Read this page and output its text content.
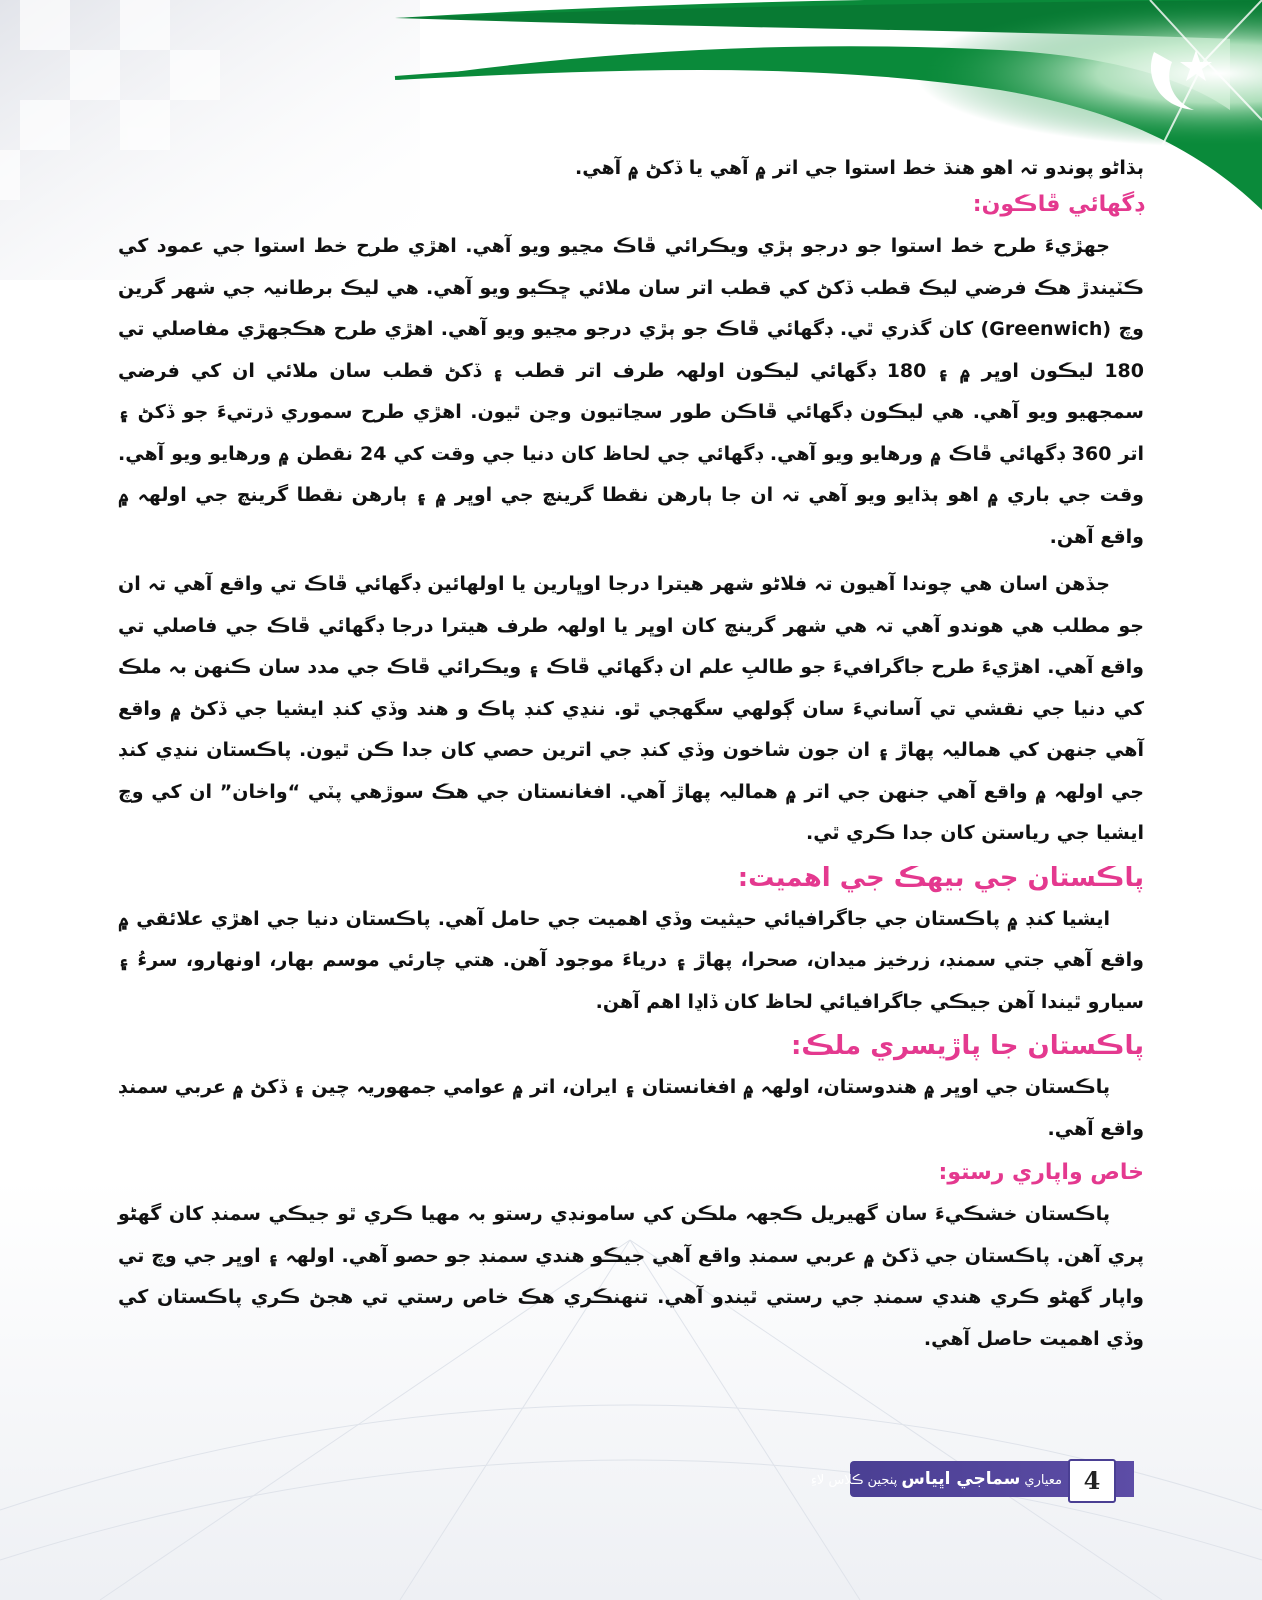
ٻڌاڻو پوندو تہ اهو هنڌ خط استوا جي اتر ۾ آهي يا ڏکڻ ۾ آهي.

ڊگهائي ڦاڪون:

جهڙيءَ طرح خط استوا جو درجو ٻڙي ويڪرائي ڦاڪ مڃيو ويو آهي. اهڙي طرح خط استوا جي عمود کي ڪٽيندڙ هڪ فرضي ليڪ قطب ڏکڻ کي قطب اتر سان ملائي ڇڪيو ويو آهي. هي ليڪ برطانيہ جي شهر گرين وچ (Greenwich) کان گذري ٿي. ڊگهائي ڦاڪ جو ٻڙي درجو مڃيو ويو آهي. اهڙي طرح هڪجهڙي مفاصلي تي 180 ليڪون اوڀر ۾ ۽ 180 ڊگهائي ليڪون اولهہ طرف اتر قطب ۽ ڏکڻ قطب سان ملائي ان کي فرضي سمجهيو ويو آهي. هي ليڪون ڊگهائي ڦاڪن طور سڃاتيون وڃن ٿيون. اهڙي طرح سموري ڌرتيءَ جو ڏکڻ ۽ اتر 360 ڊگهائي ڦاڪ ۾ ورهايو ويو آهي. ڊگهائي جي لحاظ کان دنيا جي وقت کي 24 نقطن ۾ ورهايو ويو آهي. وقت جي باري ۾ اهو ٻڌايو ويو آهي تہ ان جا ٻارهن نقطا گرينچ جي اوڀر ۾ ۽ ٻارهن نقطا گرينچ جي اولهہ ۾ واقع آهن.

جڏهن اسان هي چوندا آهيون تہ فلاڻو شهر هيترا درجا اوڀارين يا اولهائين ڊگهائي ڦاڪ تي واقع آهي تہ ان جو مطلب هي هوندو آهي تہ هي شهر گرينچ کان اوڀر يا اولهہ طرف هيترا درجا ڊگهائي ڦاڪ جي فاصلي تي واقع آهي. اهڙيءَ طرح جاگرافيءَ جو طالبِ علم ان ڊگهائي ڦاڪ ۽ ويڪرائي ڦاڪ جي مدد سان ڪنهن بہ ملڪ کي دنيا جي نقشي تي آسانيءَ سان ڳولهي سگهجي ٿو. ننڍي کنڊ پاڪ و هند وڏي کنڊ ايشيا جي ڏکڻ ۾ واقع آهي جنهن کي هماليہ پهاڙ ۽ ان جون شاخون وڏي کنڊ جي اترين حصي کان جدا ڪن ٿيون. پاڪستان ننڍي کنڊ جي اولهہ ۾ واقع آهي جنهن جي اتر ۾ هماليہ پهاڙ آهي. افغانستان جي هڪ سوڙهي پٽي “واخان” ان کي وچ ايشيا جي رياستن کان جدا ڪري ٿي.

پاڪستان جي بيهڪ جي اهميت:

ايشيا کنڊ ۾ پاڪستان جي جاگرافيائي حيثيت وڏي اهميت جي حامل آهي. پاڪستان دنيا جي اهڙي علائقي ۾ واقع آهي جتي سمنڊ، زرخيز ميدان، صحرا، پهاڙ ۽ درياءَ موجود آهن. هتي چارئي موسم بهار، اونهارو، سرءُ ۽ سيارو ٿيندا آهن جيڪي جاگرافيائي لحاظ کان ڏاڍا اهم آهن.

پاڪستان جا پاڙيسري ملڪ:

پاڪستان جي اوڀر ۾ هندوستان، اولهہ ۾ افغانستان ۽ ايران، اتر ۾ عوامي جمهوريہ چين ۽ ڏکڻ ۾ عربي سمنڊ واقع آهي.

خاص واپاري رستو:

پاڪستان خشڪيءَ سان گهيريل ڪجهہ ملڪن کي سامونڊي رستو بہ مهيا ڪري ٿو جيڪي سمنڊ کان گهڻو پري آهن. پاڪستان جي ڏکڻ ۾ عربي سمنڊ واقع آهي جيڪو هندي سمنڊ جو حصو آهي. اولهہ ۽ اوڀر جي وچ تي واپار گهڻو ڪري هندي سمنڊ جي رستي ٿيندو آهي. تنهنڪري هڪ خاص رستي تي هجڻ ڪري پاڪستان کي وڏي اهميت حاصل آهي.

معياري سماجي اڀياس پنجين ڪلاس لاءِ	4
